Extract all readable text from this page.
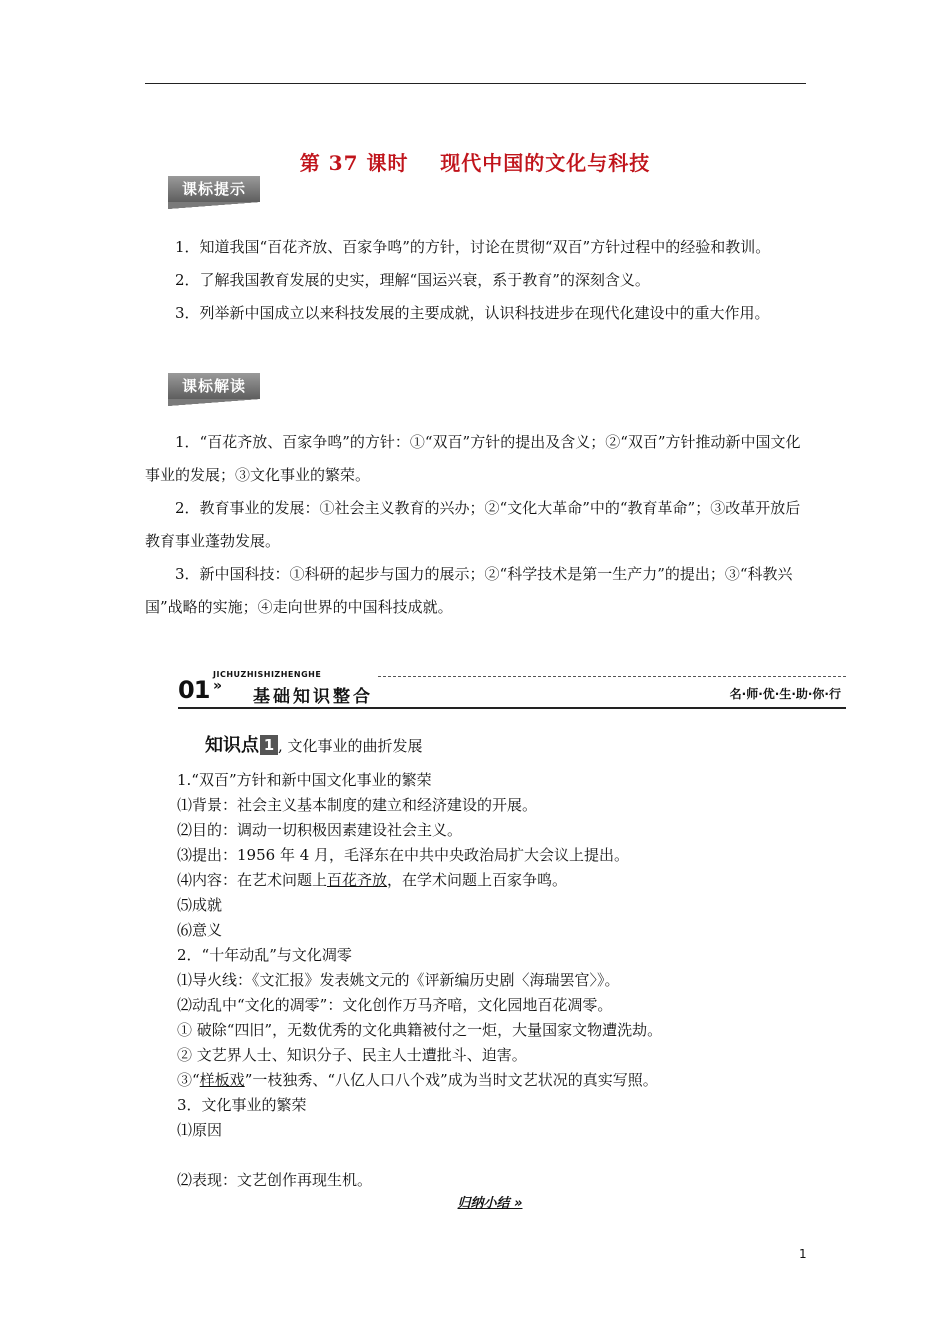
第 37 课时    现代中国的文化与科技
课标提示

1．知道我国“百花齐放、百家争鸣”的方针，讨论在贯彻“双百”方针过程中的经验和教训。

2．了解我国教育发展的史实，理解“国运兴衰，系于教育”的深刻含义。

3．列举新中国成立以来科技发展的主要成就，认识科技进步在现代化建设中的重大作用。

课标解读

1．“百花齐放、百家争鸣”的方针：①“双百”方针的提出及含义；②“双百”方针推动新中国文化事业的发展；③文化事业的繁荣。

2．教育事业的发展：①社会主义教育的兴办；②“文化大革命”中的“教育革命”；③改革开放后教育事业蓬勃发展。

3．新中国科技：①科研的起步与国力的展示；②“科学技术是第一生产力”的提出；③“科教兴国”战略的实施；④走向世界的中国科技成就。

JICHUZHISHIZHENGHE
01 »
基础知识整合	名·师·优·生·助·你·行
知识点 1 , 文化事业的曲折发展
1.“双百”方针和新中国文化事业的繁荣
⑴背景：社会主义基本制度的建立和经济建设的开展。
⑵目的：调动一切积极因素建设社会主义。
⑶提出：1956 年 4 月，毛泽东在中共中央政治局扩大会议上提出。
⑷内容：在艺术问题上百花齐放，在学术问题上百家争鸣。
⑸成就
⑹意义
2．“十年动乱”与文化凋零
⑴导火线：《文汇报》发表姚文元的《评新编历史剧〈海瑞罢官〉》。
⑵动乱中“文化的凋零”：文化创作万马齐喑，文化园地百花凋零。
① 破除“四旧”，无数优秀的文化典籍被付之一炬，大量国家文物遭洗劫。
② 文艺界人士、知识分子、民主人士遭批斗、迫害。
③“样板戏”一枝独秀、“八亿人口八个戏”成为当时文艺状况的真实写照。
3．文化事业的繁荣
⑴原因
⑵表现：文艺创作再现生机。
归纳小结 »
1
